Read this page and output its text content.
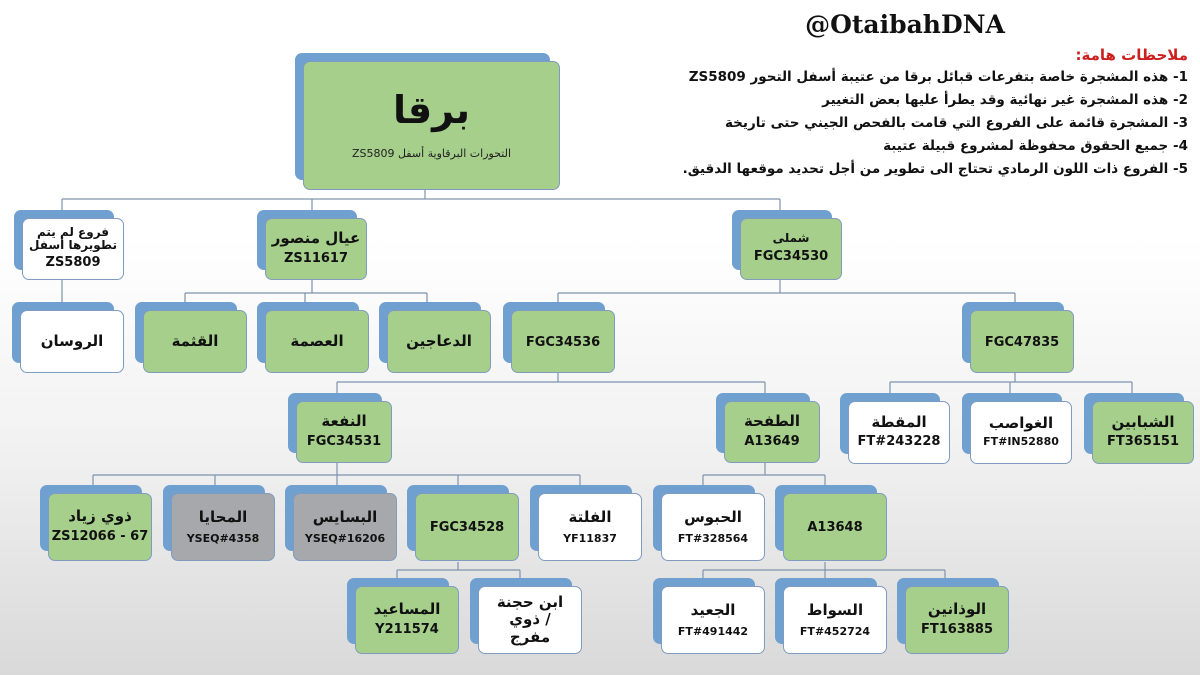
@OtaibahDNA
ملاحظات هامة:
1- هذه المشجرة خاصة بتفرعات قبائل برقا من عتيبة أسفل التحور ZS5809
2- هذه المشجرة غير نهائية وقد يطرأ عليها بعض التغيير
3- المشجرة قائمة على الفروع التي قامت بالفحص الجيني حتى تاريخة
4- جميع الحقوق محفوظة لمشروع قبيلة عتيبة
5- الفروع ذات اللون الرمادي تحتاج الى تطوير من أجل تحديد موقعها الدقيق.
برقا
التحورات البرقاوية أسفل ZS5809
فروع لم يتم تطويرها أسفل
ZS5809
عيال منصور
ZS11617
شملى
FGC34530
الروسان	القثمة	العصمة	الدعاجين	FGC34536	FGC47835
النفعة
FGC34531
الطفحة
A13649
المقطة
FT#243228
الغواصب
FT#IN52880
الشبابين
FT365151
ذوي زياد
ZS12066 - 67
المحايا
YSEQ#4358
البسايس
YSEQ#16206
FGC34528
الفلتة
YF11837
الحبوس
FT#328564
A13648
المساعيد
Y211574
ابن حجنة / ذوي مفرج
الجعيد
FT#491442
السواط
FT#452724
الوذانين
FT163885
